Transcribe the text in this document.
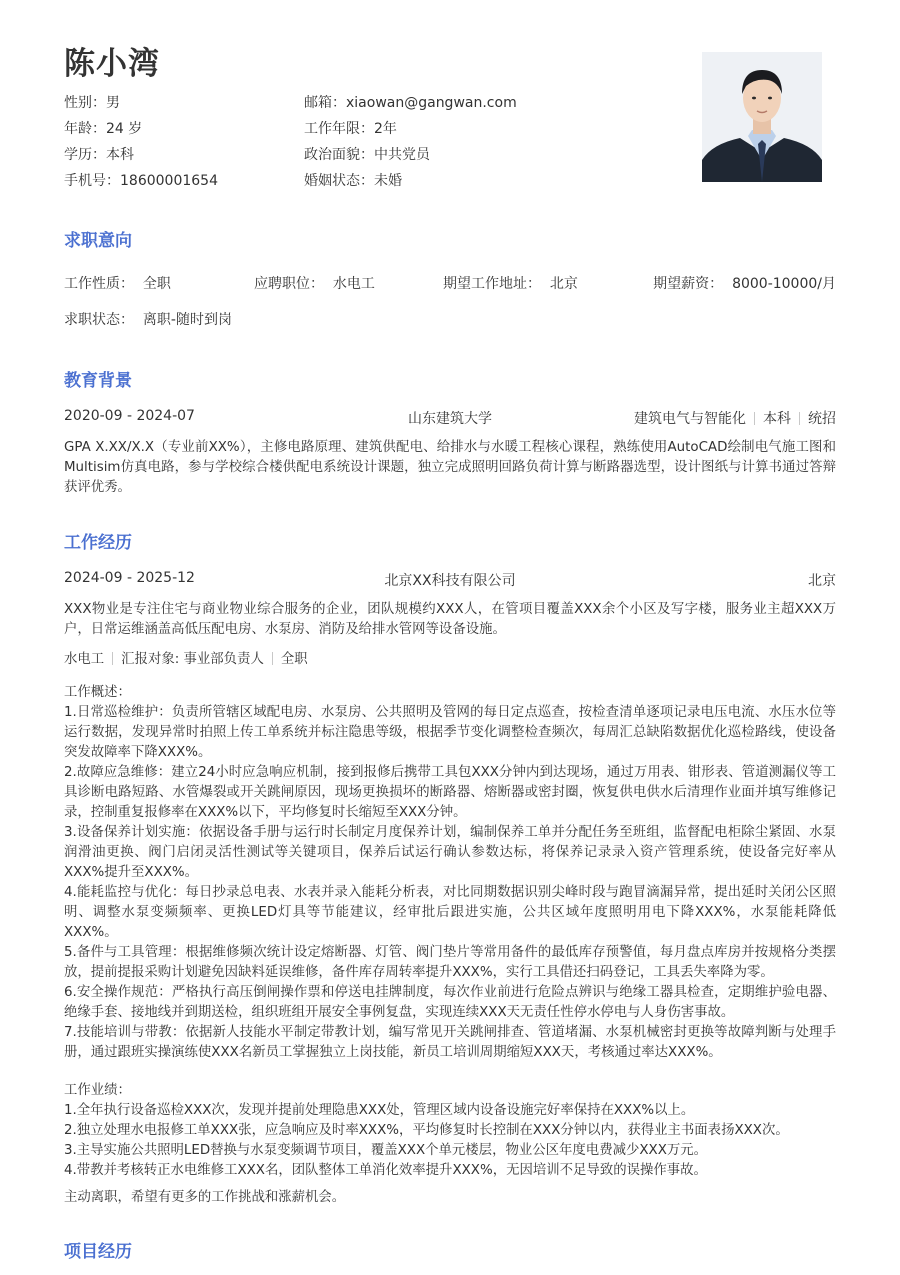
陈小湾
性别：男	邮箱：xiaowan@gangwan.com
年龄：24 岁	工作年限：2年
学历：本科	政治面貌：中共党员
手机号：18600001654	婚姻状态：未婚
求职意向
工作性质： 全职	应聘职位： 水电工	期望工作地址： 北京	期望薪资： 8000-10000/月
求职状态： 离职-随时到岗
教育背景
2020-09 - 2024-07	山东建筑大学	建筑电气与智能化 本科 统招
GPA X.XX/X.X（专业前XX%），主修电路原理、建筑供配电、给排水与水暖工程核心课程，熟练使用AutoCAD绘制电气施工图和Multisim仿真电路，参与学校综合楼供配电系统设计课题，独立完成照明回路负荷计算与断路器选型，设计图纸与计算书通过答辩获评优秀。
工作经历
2024-09 - 2025-12	北京XX科技有限公司	北京
XXX物业是专注住宅与商业物业综合服务的企业，团队规模约XXX人，在管项目覆盖XXX余个小区及写字楼，服务业主超XXX万户，日常运维涵盖高低压配电房、水泵房、消防及给排水管网等设备设施。
水电工 汇报对象: 事业部负责人 全职
工作概述：
1.日常巡检维护：负责所管辖区域配电房、水泵房、公共照明及管网的每日定点巡查，按检查清单逐项记录电压电流、水压水位等运行数据，发现异常时拍照上传工单系统并标注隐患等级，根据季节变化调整检查频次，每周汇总缺陷数据优化巡检路线，使设备突发故障率下降XXX%。
2.故障应急维修：建立24小时应急响应机制，接到报修后携带工具包XXX分钟内到达现场，通过万用表、钳形表、管道测漏仪等工具诊断电路短路、水管爆裂或开关跳闸原因，现场更换损坏的断路器、熔断器或密封圈，恢复供电供水后清理作业面并填写维修记录，控制重复报修率在XXX%以下，平均修复时长缩短至XXX分钟。
3.设备保养计划实施：依据设备手册与运行时长制定月度保养计划，编制保养工单并分配任务至班组，监督配电柜除尘紧固、水泵润滑油更换、阀门启闭灵活性测试等关键项目，保养后试运行确认参数达标，将保养记录录入资产管理系统，使设备完好率从XXX%提升至XXX%。
4.能耗监控与优化：每日抄录总电表、水表并录入能耗分析表，对比同期数据识别尖峰时段与跑冒滴漏异常，提出延时关闭公区照明、调整水泵变频频率、更换LED灯具等节能建议，经审批后跟进实施，公共区域年度照明用电下降XXX%，水泵能耗降低XXX%。
5.备件与工具管理：根据维修频次统计设定熔断器、灯管、阀门垫片等常用备件的最低库存预警值，每月盘点库房并按规格分类摆放，提前提报采购计划避免因缺料延误维修，备件库存周转率提升XXX%，实行工具借还扫码登记，工具丢失率降为零。
6.安全操作规范：严格执行高压倒闸操作票和停送电挂牌制度，每次作业前进行危险点辨识与绝缘工器具检查，定期维护验电器、绝缘手套、接地线并到期送检，组织班组开展安全事例复盘，实现连续XXX天无责任性停水停电与人身伤害事故。
7.技能培训与带教：依据新人技能水平制定带教计划，编写常见开关跳闸排查、管道堵漏、水泵机械密封更换等故障判断与处理手册，通过跟班实操演练使XXX名新员工掌握独立上岗技能，新员工培训周期缩短XXX天，考核通过率达XXX%。
工作业绩：
1.全年执行设备巡检XXX次，发现并提前处理隐患XXX处，管理区域内设备设施完好率保持在XXX%以上。
2.独立处理水电报修工单XXX张，应急响应及时率XXX%，平均修复时长控制在XXX分钟以内，获得业主书面表扬XXX次。
3.主导实施公共照明LED替换与水泵变频调节项目，覆盖XXX个单元楼层，物业公区年度电费减少XXX万元。
4.带教并考核转正水电维修工XXX名，团队整体工单消化效率提升XXX%，无因培训不足导致的误操作事故。
主动离职，希望有更多的工作挑战和涨薪机会。
项目经历
